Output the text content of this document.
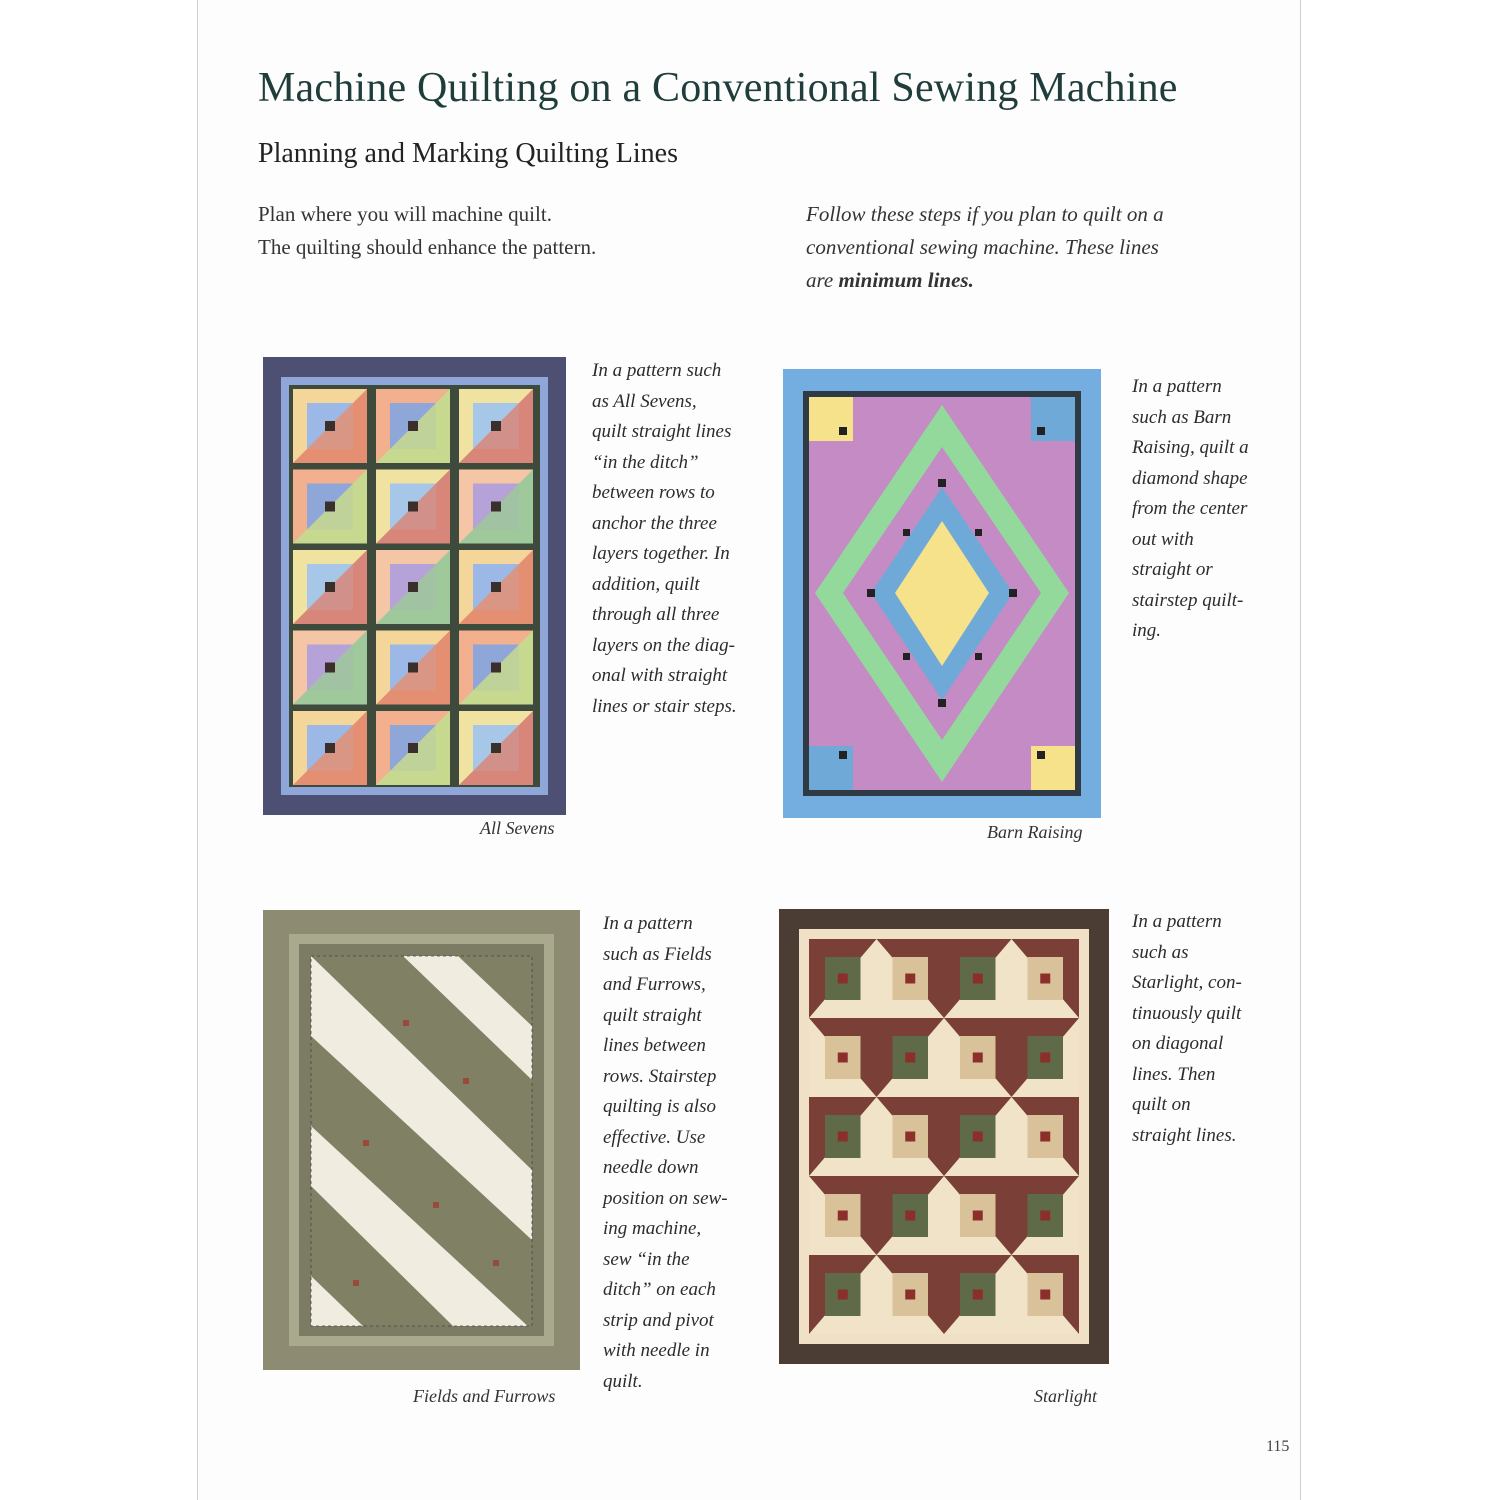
Machine Quilting on a Conventional Sewing Machine
Planning and Marking Quilting Lines
Plan where you will machine quilt.
The quilting should enhance the pattern.
Follow these steps if you plan to quilt on a
conventional sewing machine. These lines
are minimum lines.
In a pattern such
as All Sevens,
quilt straight lines
“in the ditch”
between rows to
anchor the three
layers together. In
addition, quilt
through all three
layers on the diag-
onal with straight
lines or stair steps.
All Sevens
In a pattern
such as Barn
Raising, quilt a
diamond shape
from the center
out with
straight or
stairstep quilt-
ing.
Barn Raising
In a pattern
such as Fields
and Furrows,
quilt straight
lines between
rows. Stairstep
quilting is also
effective. Use
needle down
position on sew-
ing machine,
sew “in the
ditch” on each
strip and pivot
with needle in
quilt.
Fields and Furrows
In a pattern
such as
Starlight, con-
tinuously quilt
on diagonal
lines. Then
quilt on
straight lines.
Starlight
115
